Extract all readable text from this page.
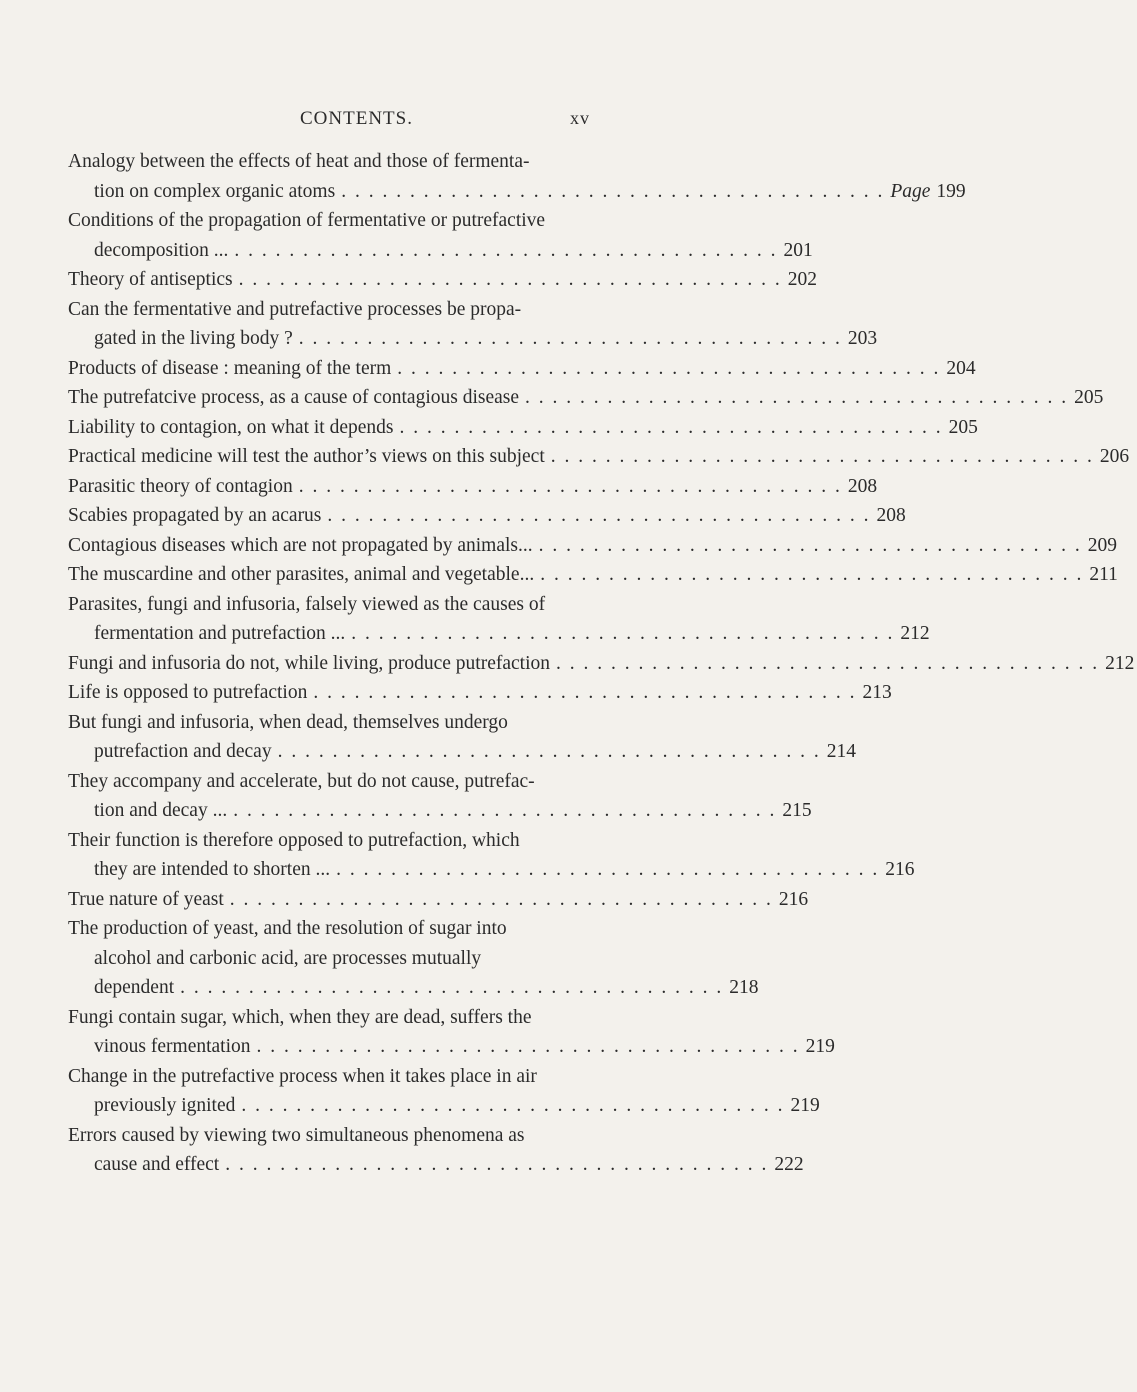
CONTENTS.	xv
Analogy between the effects of heat and those of fermenta-
tion on complex organic atoms . . . . . . . . . . . . . . . . . . . . . . . . . . . . . . . . . . . . . . . . Page 199
Conditions of the propagation of fermentative or putrefactive
decomposition ... . . . . . . . . . . . . . . . . . . . . . . . . . . . . . . . . . . . . . . . . 201
Theory of antiseptics . . . . . . . . . . . . . . . . . . . . . . . . . . . . . . . . . . . . . . . . 202
Can the fermentative and putrefactive processes be propa-
gated in the living body ? . . . . . . . . . . . . . . . . . . . . . . . . . . . . . . . . . . . . . . . . 203
Products of disease : meaning of the term . . . . . . . . . . . . . . . . . . . . . . . . . . . . . . . . . . . . . . . . 204
The putrefatcive process, as a cause of contagious disease . . . . . . . . . . . . . . . . . . . . . . . . . . . . . . . . . . . . . . . . 205
Liability to contagion, on what it depends . . . . . . . . . . . . . . . . . . . . . . . . . . . . . . . . . . . . . . . . 205
Practical medicine will test the author’s views on this subject . . . . . . . . . . . . . . . . . . . . . . . . . . . . . . . . . . . . . . . . 206
Parasitic theory of contagion . . . . . . . . . . . . . . . . . . . . . . . . . . . . . . . . . . . . . . . . 208
Scabies propagated by an acarus . . . . . . . . . . . . . . . . . . . . . . . . . . . . . . . . . . . . . . . . 208
Contagious diseases which are not propagated by animals... . . . . . . . . . . . . . . . . . . . . . . . . . . . . . . . . . . . . . . . . 209
The muscardine and other parasites, animal and vegetable... . . . . . . . . . . . . . . . . . . . . . . . . . . . . . . . . . . . . . . . . 211
Parasites, fungi and infusoria, falsely viewed as the causes of
fermentation and putrefaction ... . . . . . . . . . . . . . . . . . . . . . . . . . . . . . . . . . . . . . . . . 212
Fungi and infusoria do not, while living, produce putrefaction . . . . . . . . . . . . . . . . . . . . . . . . . . . . . . . . . . . . . . . . 212
Life is opposed to putrefaction . . . . . . . . . . . . . . . . . . . . . . . . . . . . . . . . . . . . . . . . 213
But fungi and infusoria, when dead, themselves undergo
putrefaction and decay . . . . . . . . . . . . . . . . . . . . . . . . . . . . . . . . . . . . . . . . 214
They accompany and accelerate, but do not cause, putrefac-
tion and decay ... . . . . . . . . . . . . . . . . . . . . . . . . . . . . . . . . . . . . . . . . 215
Their function is therefore opposed to putrefaction, which
they are intended to shorten ... . . . . . . . . . . . . . . . . . . . . . . . . . . . . . . . . . . . . . . . . 216
True nature of yeast . . . . . . . . . . . . . . . . . . . . . . . . . . . . . . . . . . . . . . . . 216
The production of yeast, and the resolution of sugar into
alcohol and carbonic acid, are processes mutually
dependent . . . . . . . . . . . . . . . . . . . . . . . . . . . . . . . . . . . . . . . . 218
Fungi contain sugar, which, when they are dead, suffers the
vinous fermentation . . . . . . . . . . . . . . . . . . . . . . . . . . . . . . . . . . . . . . . . 219
Change in the putrefactive process when it takes place in air
previously ignited . . . . . . . . . . . . . . . . . . . . . . . . . . . . . . . . . . . . . . . . 219
Errors caused by viewing two simultaneous phenomena as
cause and effect . . . . . . . . . . . . . . . . . . . . . . . . . . . . . . . . . . . . . . . . 222
